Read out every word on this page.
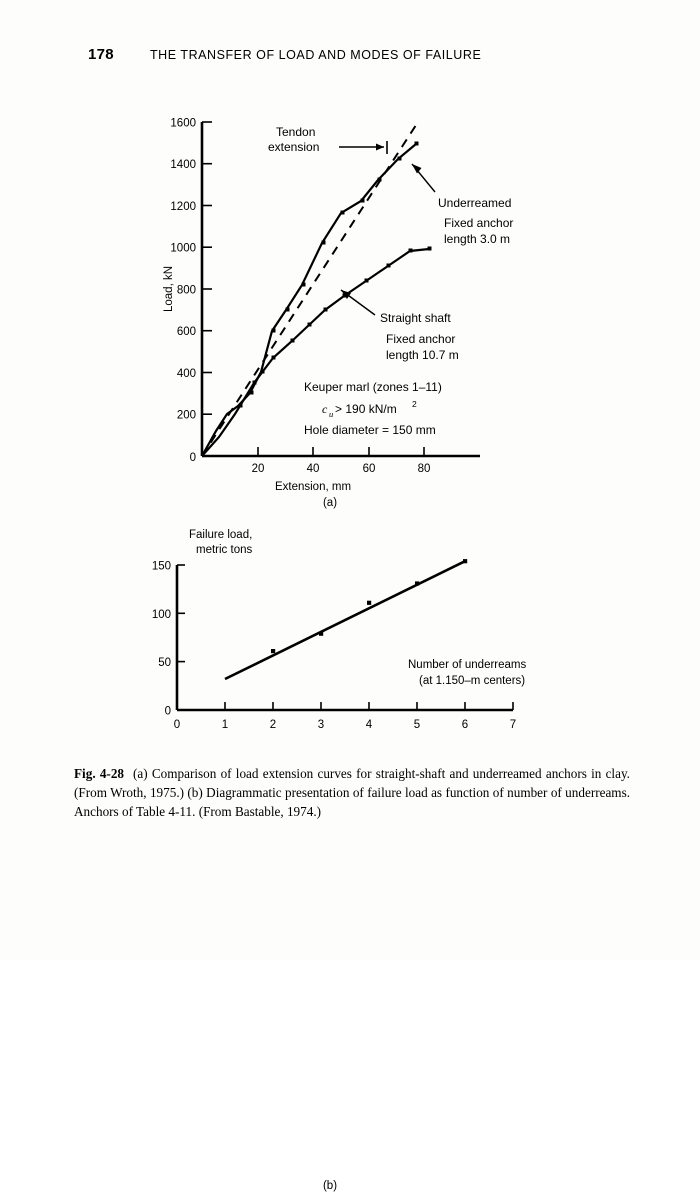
178	THE TRANSFER OF LOAD AND MODES OF FAILURE
1600
1400
1200
1000
800
600
400
200
0
Load, kN
20	40	60	80
Extension, mm
Tendon
extension
Underreamed
Fixed anchor
length 3.0 m
Straight shaft
Fixed anchor
length 10.7 m
Keuper marl (zones 1–11)
c u > 190 kN/m 2
Hole diameter = 150 mm
(a)
Failure load,
metric tons
150
100
50
0
0	1	2	3	4	5	6	7
Number of underreams
(at 1.150–m centers)
(b)
Fig. 4-28 (a) Comparison of load extension curves for straight-shaft and underreamed anchors in clay. (From Wroth, 1975.) (b) Diagrammatic presentation of failure load as function of number of underreams. Anchors of Table 4-11. (From Bastable, 1974.)
